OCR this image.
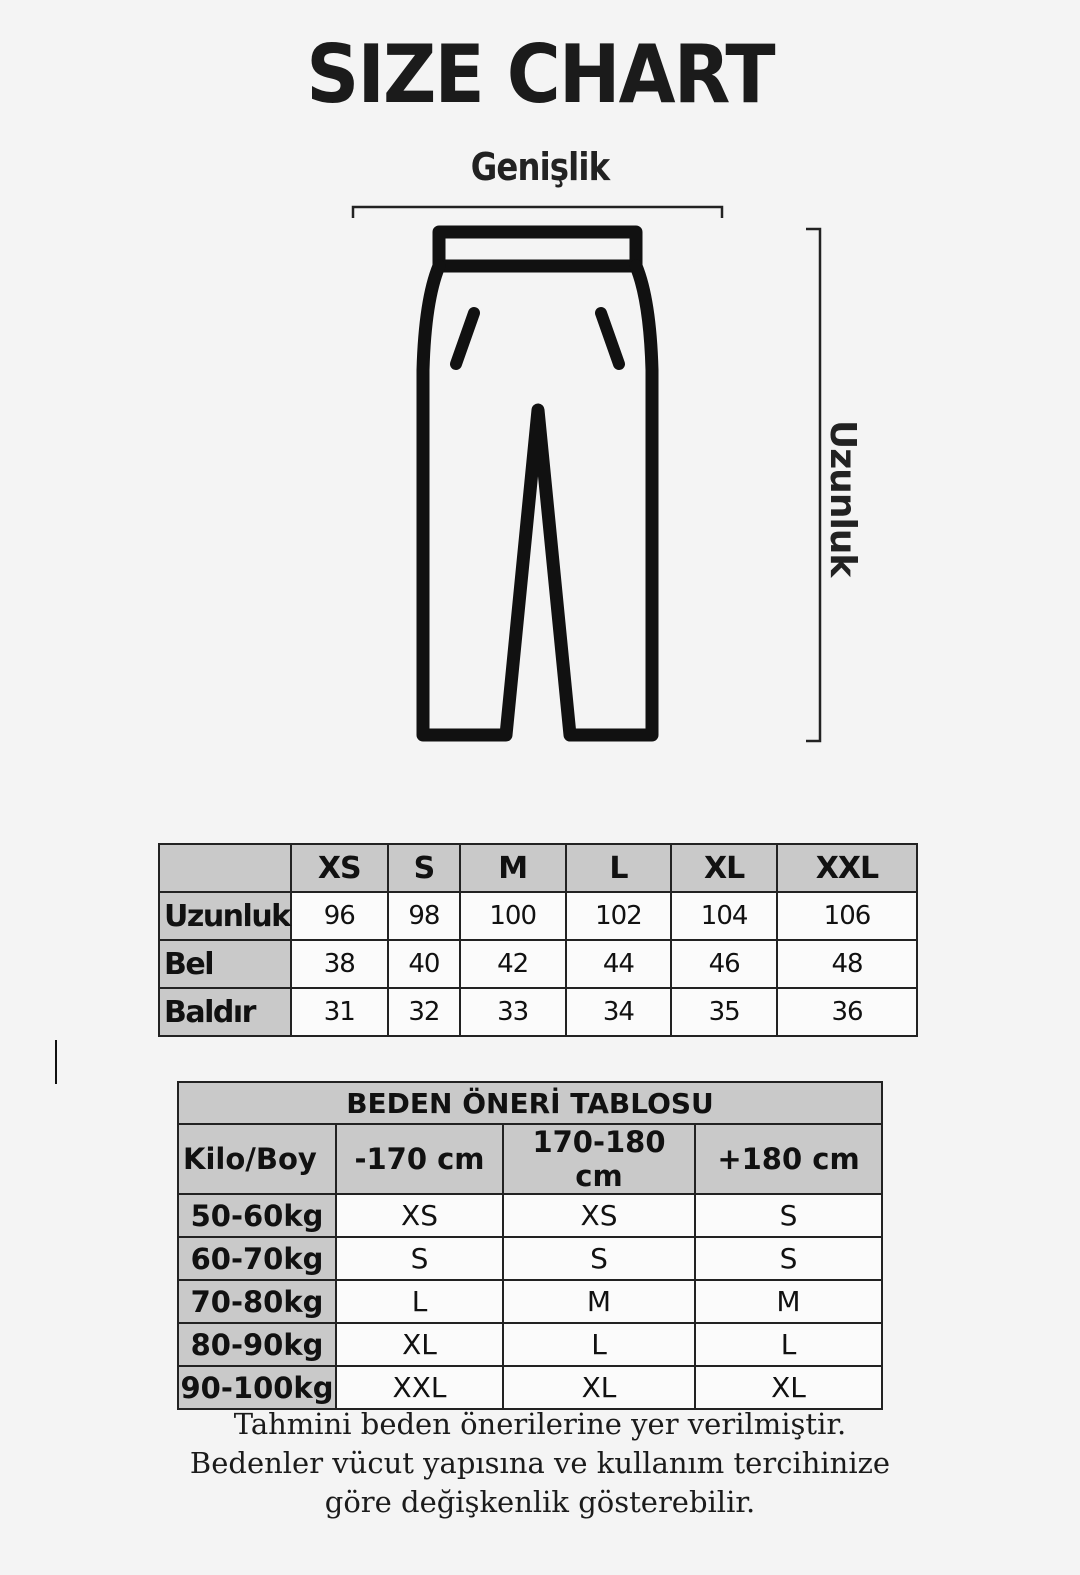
SIZE CHART
Genişlik
Uzunluk
	XS	S	M	L	XL	XXL
Uzunluk	96	98	100	102	104	106
Bel	38	40	42	44	46	48
Baldır	31	32	33	34	35	36
BEDEN ÖNERİ TABLOSU			
Kilo/Boy	-170 cm	170-180 cm	+180 cm
50-60kg	XS	XS	S
60-70kg	S	S	S
70-80kg	L	M	M
80-90kg	XL	L	L
90-100kg	XXL	XL	XL
Tahmini beden önerilerine yer verilmiştir.
Bedenler vücut yapısına ve kullanım tercihinize
göre değişkenlik gösterebilir.
